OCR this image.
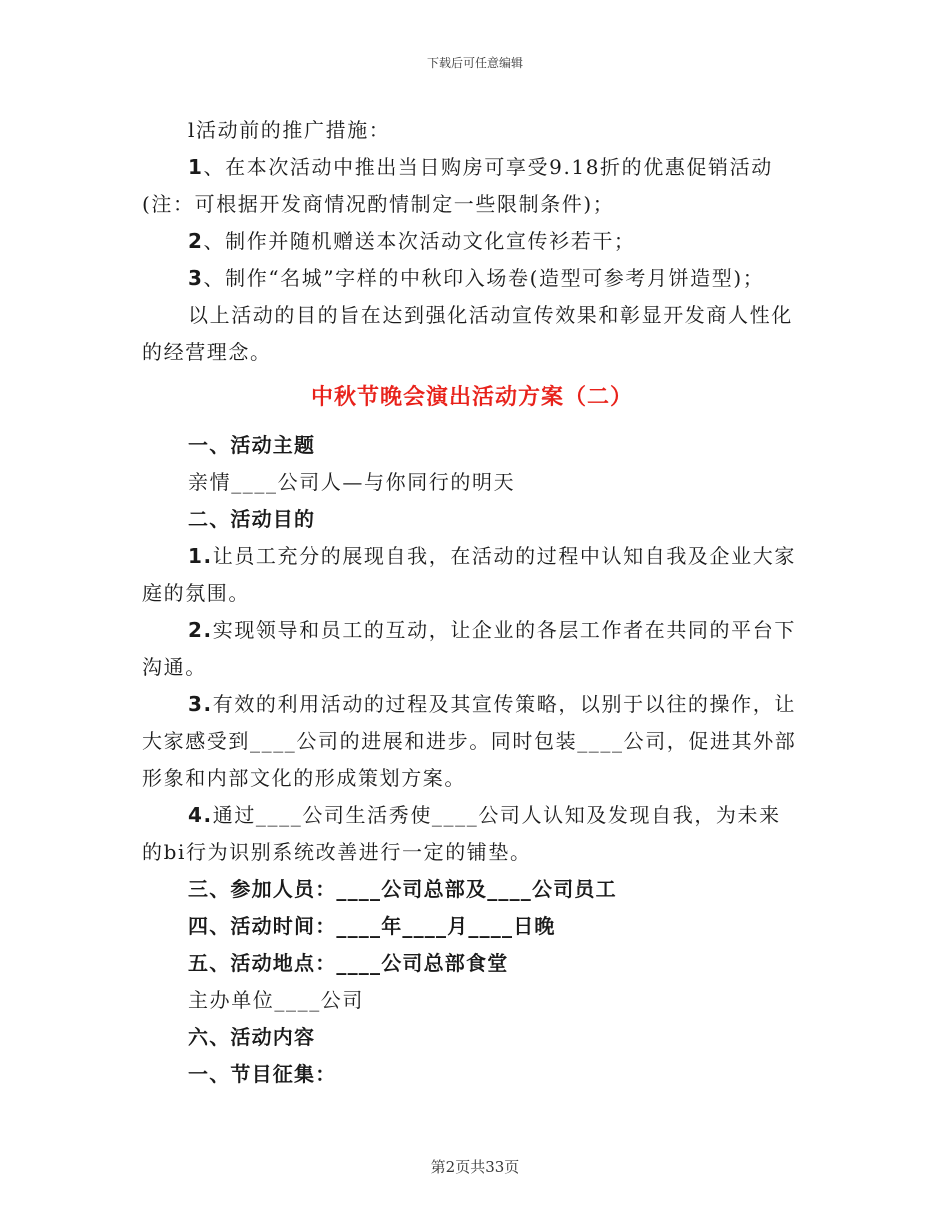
下载后可任意编辑

l活动前的推广措施：

1、在本次活动中推出当日购房可享受9.18折的优惠促销活动(注：可根据开发商情况酌情制定一些限制条件)；

2、制作并随机赠送本次活动文化宣传衫若干；

3、制作“名城”字样的中秋印入场卷(造型可参考月饼造型)；

以上活动的目的旨在达到强化活动宣传效果和彰显开发商人性化的经营理念。

中秋节晚会演出活动方案（二）

一、活动主题

亲情____公司人—与你同行的明天

二、活动目的

1.让员工充分的展现自我，在活动的过程中认知自我及企业大家庭的氛围。

2.实现领导和员工的互动，让企业的各层工作者在共同的平台下沟通。

3.有效的利用活动的过程及其宣传策略，以别于以往的操作，让大家感受到____公司的进展和进步。同时包装____公司，促进其外部形象和内部文化的形成策划方案。

4.通过____公司生活秀使____公司人认知及发现自我，为未来的bi行为识别系统改善进行一定的铺垫。

三、参加人员：____公司总部及____公司员工

四、活动时间：____年____月____日晚

五、活动地点：____公司总部食堂

主办单位____公司

六、活动内容

一、节目征集：

第2页共33页
